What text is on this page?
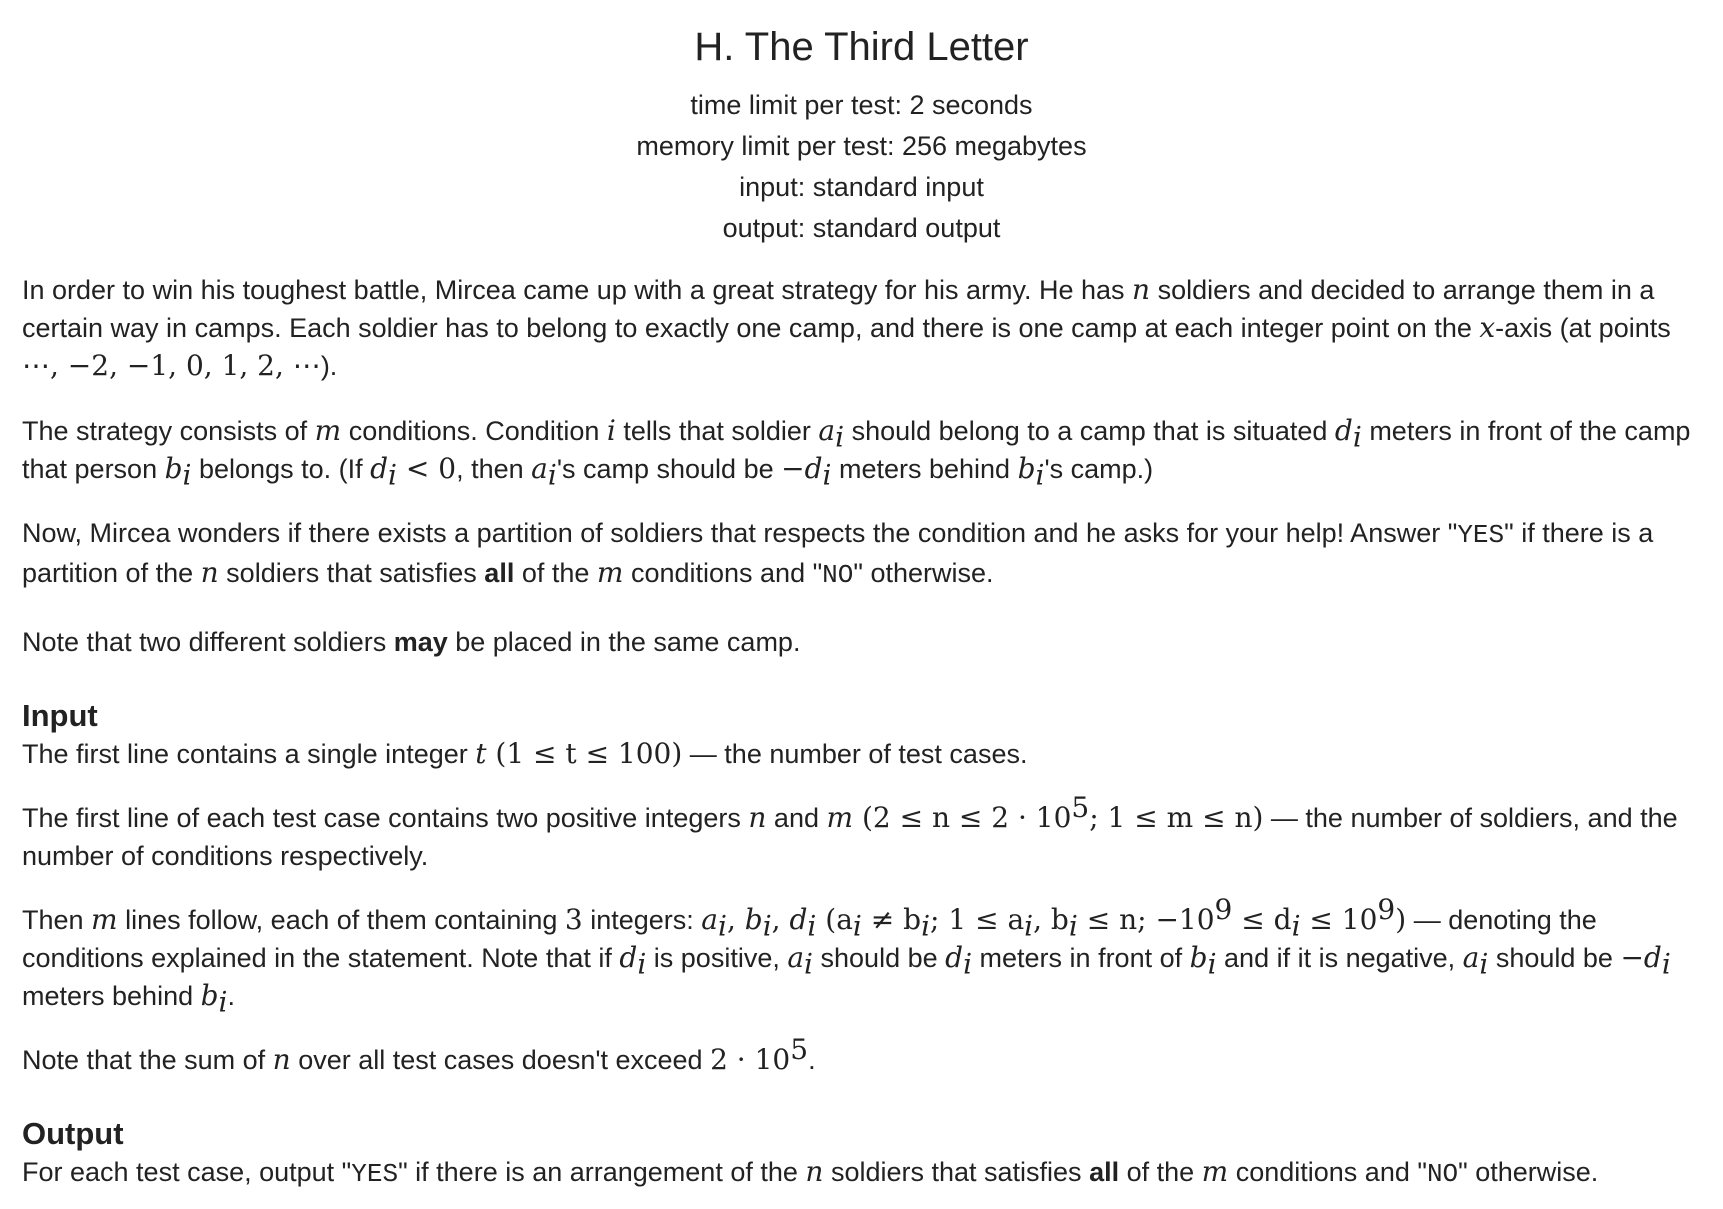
H. The Third Letter
time limit per test: 2 seconds
memory limit per test: 256 megabytes
input: standard input
output: standard output

In order to win his toughest battle, Mircea came up with a great strategy for his army. He has n soldiers and decided to arrange them in a certain way in camps. Each soldier has to belong to exactly one camp, and there is one camp at each integer point on the x-axis (at points ⋯, −2, −1, 0, 1, 2, ⋯).

The strategy consists of m conditions. Condition i tells that soldier $a_i$ should belong to a camp that is situated $d_i$ meters in front of the camp that person $b_i$ belongs to. (If $d_i < 0$, then $a_i's$ camp should be $-d_i$ meters behind $b_i's$ camp.)

Now, Mircea wonders if there exists a partition of soldiers that respects the condition and he asks for your help! Answer "YES" if there is a partition of the n soldiers that satisfies all of the m conditions and "NO" otherwise.

Note that two different soldiers may be placed in the same camp.

Input

The first line contains a single integer t (1 ≤ t ≤ 100) — the number of test cases.

The first line of each test case contains two positive integers n and m ($2 \le n \le 2 \cdot 10^5$; 1 ≤ m ≤ n) — the number of soldiers, and the number of conditions respectively.

Then m lines follow, each of them containing 3 integers: $a_i$, $b_i$, $d_i$ ($a_i \ne b_i$; $1 \le a_i$, $b_i \le n$; $-10^9 \le d_i \le 10^9$) — denoting the conditions explained in the statement. Note that if $d_i$ is positive, $a_i$ should be $d_i$ meters in front of $b_i$ and if it is negative, $a_i$ should be $-d_i$ meters behind $b_i$.

Note that the sum of n over all test cases doesn't exceed $2 \cdot 10^5$.

Output

For each test case, output "YES" if there is an arrangement of the n soldiers that satisfies all of the m conditions and "NO" otherwise.
